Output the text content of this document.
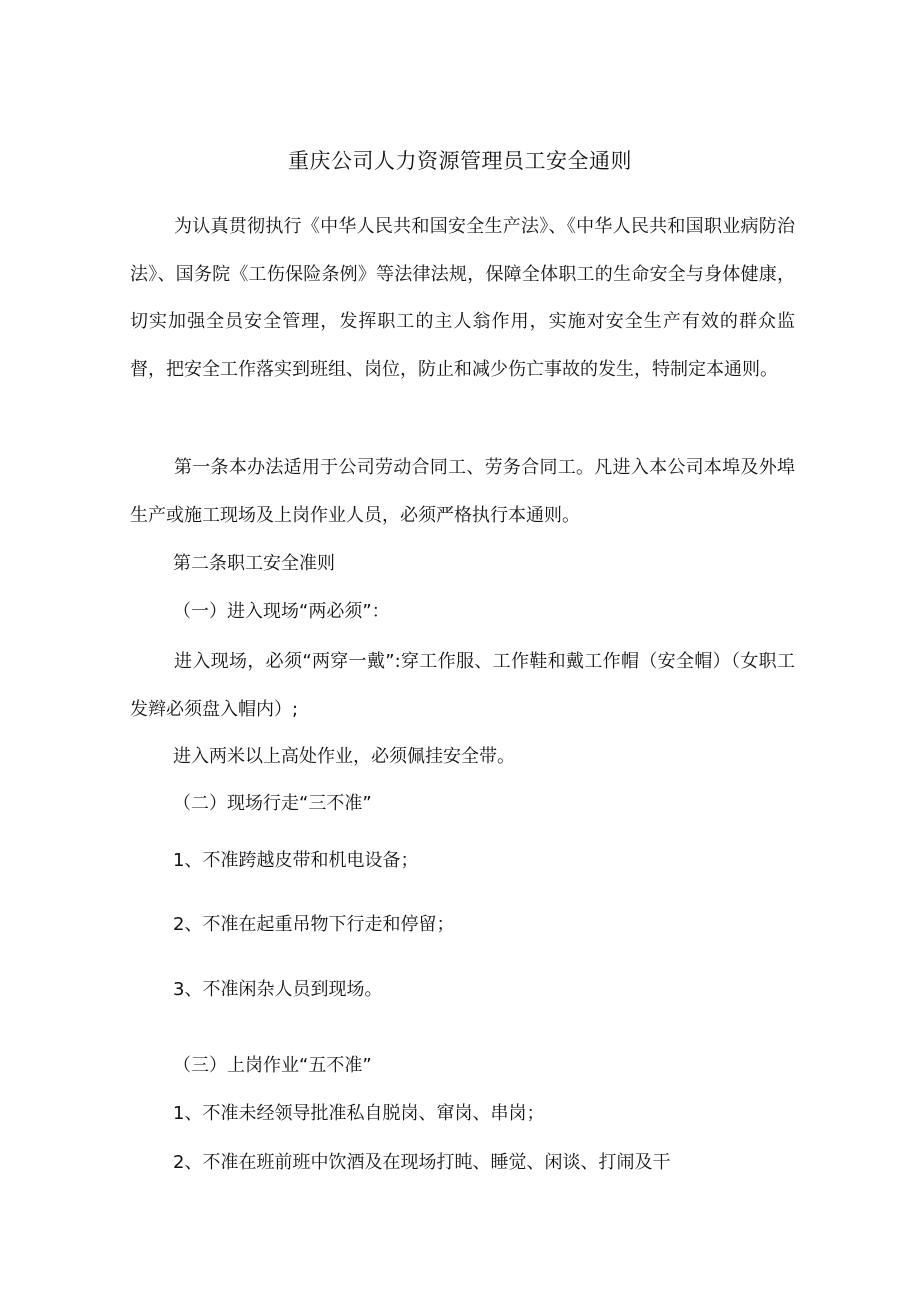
重庆公司人力资源管理员工安全通则

为认真贯彻执行《中华人民共和国安全生产法》、《中华人民共和国职业病防治法》、国务院《工伤保险条例》等法律法规，保障全体职工的生命安全与身体健康，切实加强全员安全管理，发挥职工的主人翁作用，实施对安全生产有效的群众监督，把安全工作落实到班组、岗位，防止和减少伤亡事故的发生，特制定本通则。

第一条本办法适用于公司劳动合同工、劳务合同工。凡进入本公司本埠及外埠生产或施工现场及上岗作业人员，必须严格执行本通则。

第二条职工安全准则

（一）进入现场“两必须”：

进入现场，必须“两穿一戴”:穿工作服、工作鞋和戴工作帽（安全帽）（女职工发辫必须盘入帽内）;

进入两米以上高处作业，必须佩挂安全带。

（二）现场行走“三不准”

1、不准跨越皮带和机电设备；

2、不准在起重吊物下行走和停留；

3、不准闲杂人员到现场。

（三）上岗作业“五不准”

1、不准未经领导批准私自脱岗、窜岗、串岗；

2、不准在班前班中饮酒及在现场打盹、睡觉、闲谈、打闹及干
